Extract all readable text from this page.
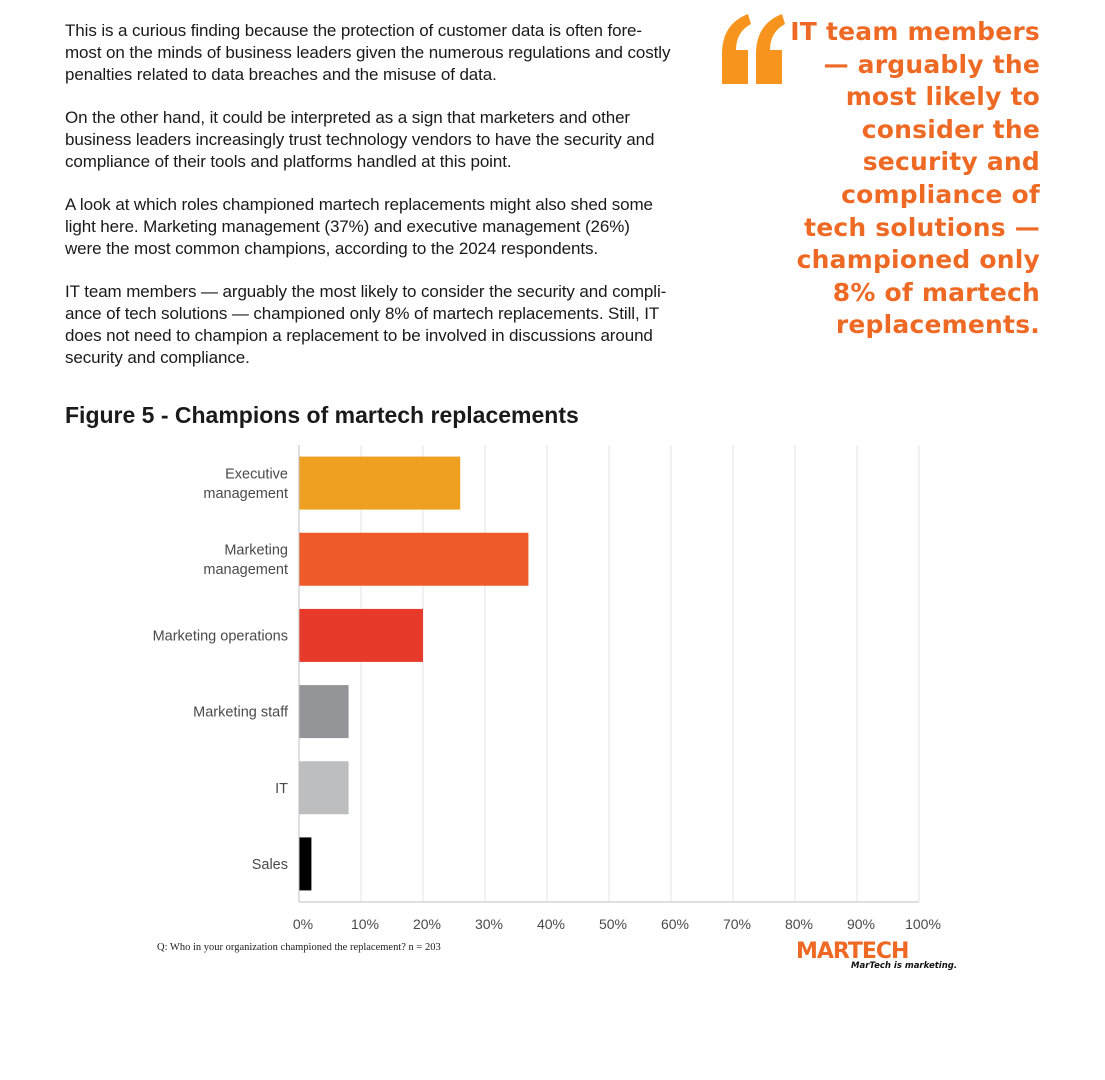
This is a curious finding because the protection of customer data is often fore-
most on the minds of business leaders given the numerous regulations and costly
penalties related to data breaches and the misuse of data.

On the other hand, it could be interpreted as a sign that marketers and other
business leaders increasingly trust technology vendors to have the security and
compliance of their tools and platforms handled at this point.

A look at which roles championed martech replacements might also shed some
light here. Marketing management (37%) and executive management (26%)
were the most common champions, according to the 2024 respondents.

IT team members — arguably the most likely to consider the security and compli-
ance of tech solutions — championed only 8% of martech replacements. Still, IT
does not need to champion a replacement to be involved in discussions around
security and compliance.

IT team members
— arguably the
most likely to
consider the
security and
compliance of
tech solutions —
championed only
8% of martech
replacements.
Figure 5 - Champions of martech replacements
Executive
management
Marketing
management
Marketing operations
Marketing staff
IT
Sales
0%	10% 20% 30% 40% 50% 60% 70% 80% 90% 100%
Q: Who in your organization championed the replacement? n = 203	MARTECH
MarTech is marketing.
